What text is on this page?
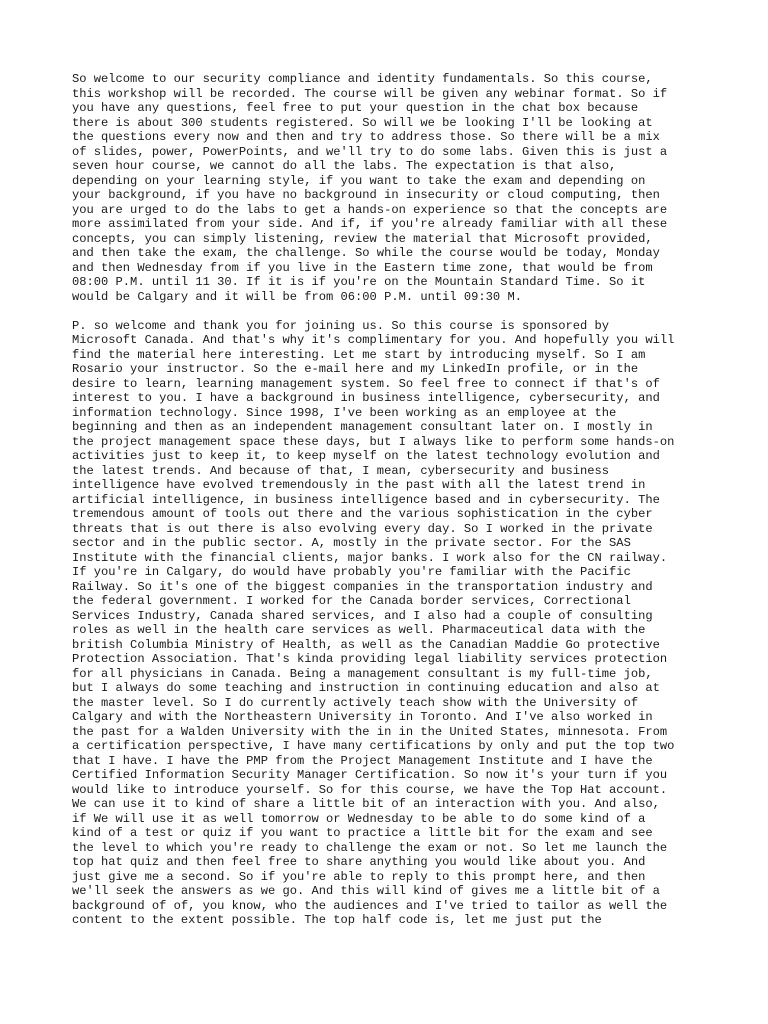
So welcome to our security compliance and identity fundamentals. So this course,
this workshop will be recorded. The course will be given any webinar format. So if
you have any questions, feel free to put your question in the chat box because
there is about 300 students registered. So will we be looking I'll be looking at
the questions every now and then and try to address those. So there will be a mix
of slides, power, PowerPoints, and we'll try to do some labs. Given this is just a
seven hour course, we cannot do all the labs. The expectation is that also,
depending on your learning style, if you want to take the exam and depending on
your background, if you have no background in insecurity or cloud computing, then
you are urged to do the labs to get a hands-on experience so that the concepts are
more assimilated from your side. And if, if you're already familiar with all these
concepts, you can simply listening, review the material that Microsoft provided,
and then take the exam, the challenge. So while the course would be today, Monday
and then Wednesday from if you live in the Eastern time zone, that would be from
08:00 P.M. until 11 30. If it is if you're on the Mountain Standard Time. So it
would be Calgary and it will be from 06:00 P.M. until 09:30 M.
P. so welcome and thank you for joining us. So this course is sponsored by
Microsoft Canada. And that's why it's complimentary for you. And hopefully you will
find the material here interesting. Let me start by introducing myself. So I am
Rosario your instructor. So the e-mail here and my LinkedIn profile, or in the
desire to learn, learning management system. So feel free to connect if that's of
interest to you. I have a background in business intelligence, cybersecurity, and
information technology. Since 1998, I've been working as an employee at the
beginning and then as an independent management consultant later on. I mostly in
the project management space these days, but I always like to perform some hands-on
activities just to keep it, to keep myself on the latest technology evolution and
the latest trends. And because of that, I mean, cybersecurity and business
intelligence have evolved tremendously in the past with all the latest trend in
artificial intelligence, in business intelligence based and in cybersecurity. The
tremendous amount of tools out there and the various sophistication in the cyber
threats that is out there is also evolving every day. So I worked in the private
sector and in the public sector. A, mostly in the private sector. For the SAS
Institute with the financial clients, major banks. I work also for the CN railway.
If you're in Calgary, do would have probably you're familiar with the Pacific
Railway. So it's one of the biggest companies in the transportation industry and
the federal government. I worked for the Canada border services, Correctional
Services Industry, Canada shared services, and I also had a couple of consulting
roles as well in the health care services as well. Pharmaceutical data with the
british Columbia Ministry of Health, as well as the Canadian Maddie Go protective
Protection Association. That's kinda providing legal liability services protection
for all physicians in Canada. Being a management consultant is my full-time job,
but I always do some teaching and instruction in continuing education and also at
the master level. So I do currently actively teach show with the University of
Calgary and with the Northeastern University in Toronto. And I've also worked in
the past for a Walden University with the in in the United States, minnesota. From
a certification perspective, I have many certifications by only and put the top two
that I have. I have the PMP from the Project Management Institute and I have the
Certified Information Security Manager Certification. So now it's your turn if you
would like to introduce yourself. So for this course, we have the Top Hat account.
We can use it to kind of share a little bit of an interaction with you. And also,
if We will use it as well tomorrow or Wednesday to be able to do some kind of a
kind of a test or quiz if you want to practice a little bit for the exam and see
the level to which you're ready to challenge the exam or not. So let me launch the
top hat quiz and then feel free to share anything you would like about you. And
just give me a second. So if you're able to reply to this prompt here, and then
we'll seek the answers as we go. And this will kind of gives me a little bit of a
background of of, you know, who the audiences and I've tried to tailor as well the
content to the extent possible. The top half code is, let me just put the
